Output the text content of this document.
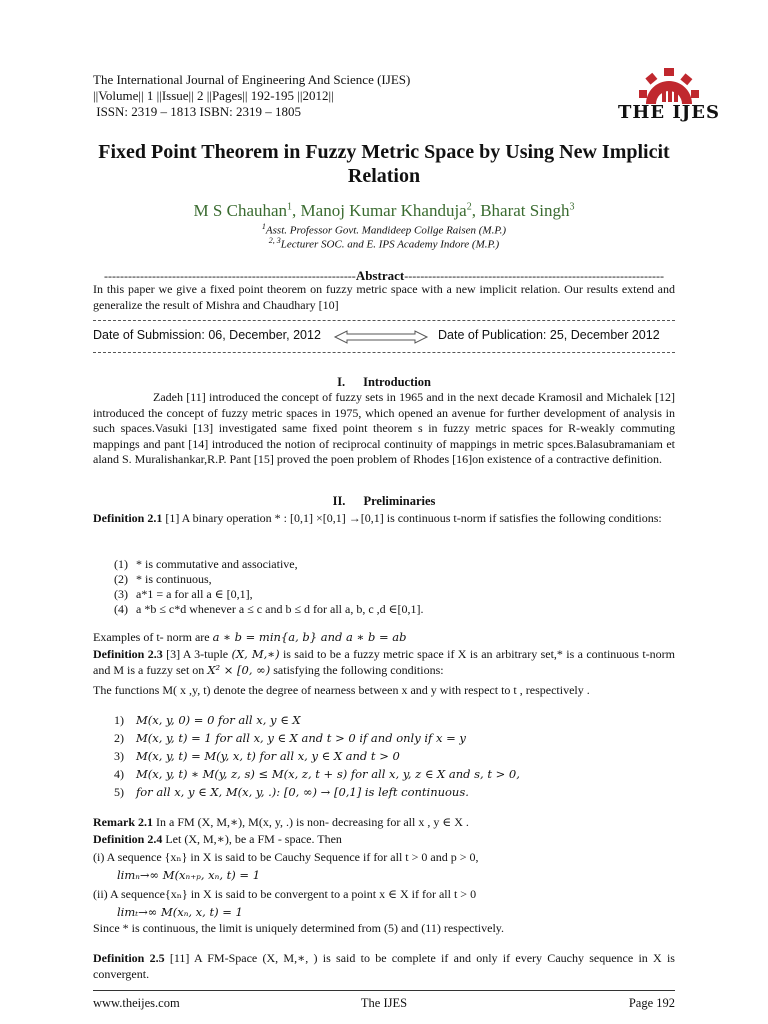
The International Journal of Engineering And Science (IJES)
||Volume|| 1 ||Issue|| 2 ||Pages|| 192-195 ||2012||
ISSN: 2319 – 1813 ISBN: 2319 – 1805	THE IJES
Fixed Point Theorem in Fuzzy Metric Space by Using New Implicit Relation
M S Chauhan$^1$, Manoj Kumar Khanduja$^2$, Bharat Singh$^3$
$^1$Asst. Professor Govt. Mandideep Collge Raisen (M.P.)
$^{2, 3}$Lecturer SOC. and E. IPS Academy Indore (M.P.)
---------------------------------------------------------------Abstract-----------------------------------------------------------------
In this paper we give a fixed point theorem on fuzzy metric space with a new implicit relation. Our results extend and generalize the result of Mishra and Chaudhary [10]
Date of Submission: 06, December, 2012	Date of Publication: 25, December 2012
I. Introduction
Zadeh [11] introduced the concept of fuzzy sets in 1965 and in the next decade Kramosil and Michalek [12] introduced the concept of fuzzy metric spaces in 1975, which opened an avenue for further development of analysis in such spaces.Vasuki [13] investigated same fixed point theorem s in fuzzy metric spaces for R-weakly commuting mappings and pant [14] introduced the notion of reciprocal continuity of mappings in metric spces.Balasubramaniam et aland S. Muralishankar,R.P. Pant [15] proved the poen problem of Rhodes [16]on existence of a contractive definition.
II. Preliminaries
Definition 2.1 [1] A binary operation * : [0,1] ×[0,1] →[0,1] is continuous t-norm if satisfies the following conditions:
(1) * is commutative and associative,
(2) * is continuous,
(3) a*1 = a for all a ∈ [0,1],
(4) a *b ≤ c*d whenever a ≤ c and b ≤ d for all a, b, c ,d ∈[0,1].
Examples of t- norm are a ∗ b = min{a, b} and a ∗ b = ab
Definition 2.3 [3] A 3-tuple (X, M,∗) is said to be a fuzzy metric space if X is an arbitrary set,* is a continuous t-norm and M is a fuzzy set on X² × [0, ∞) satisfying the following conditions:
The functions M( x ,y, t) denote the degree of nearness between x and y with respect to t , respectively .
1) M(x, y, 0) = 0 for all x, y ∈ X
2) M(x, y, t) = 1 for all x, y ∈ X and t > 0 if and only if x = y
3) M(x, y, t) = M(y, x, t) for all x, y ∈ X and t > 0
4) M(x, y, t) ∗ M(y, z, s) ≤ M(x, z, t + s) for all x, y, z ∈ X and s, t > 0,
5) for all x, y ∈ X, M(x, y, .): [0, ∞) → [0,1] is left continuous.
Remark 2.1 In a FM (X, M,∗), M(x, y, .) is non- decreasing for all x , y ∈ X .
Definition 2.4 Let (X, M,∗), be a FM - space. Then
(i) A sequence {xₙ} in X is said to be Cauchy Sequence if for all t > 0 and p > 0,
limₙ→∞ M(xₙ₊ₚ, xₙ, t) = 1
(ii) A sequence{xₙ} in X is said to be convergent to a point x ∈ X if for all t > 0
limₜ→∞ M(xₙ, x, t) = 1
Since * is continuous, the limit is uniquely determined from (5) and (11) respectively.
Definition 2.5 [11] A FM-Space (X, M,∗, ) is said to be complete if and only if every Cauchy sequence in X is convergent.
The IJES
www.theijes.com	Page 192
